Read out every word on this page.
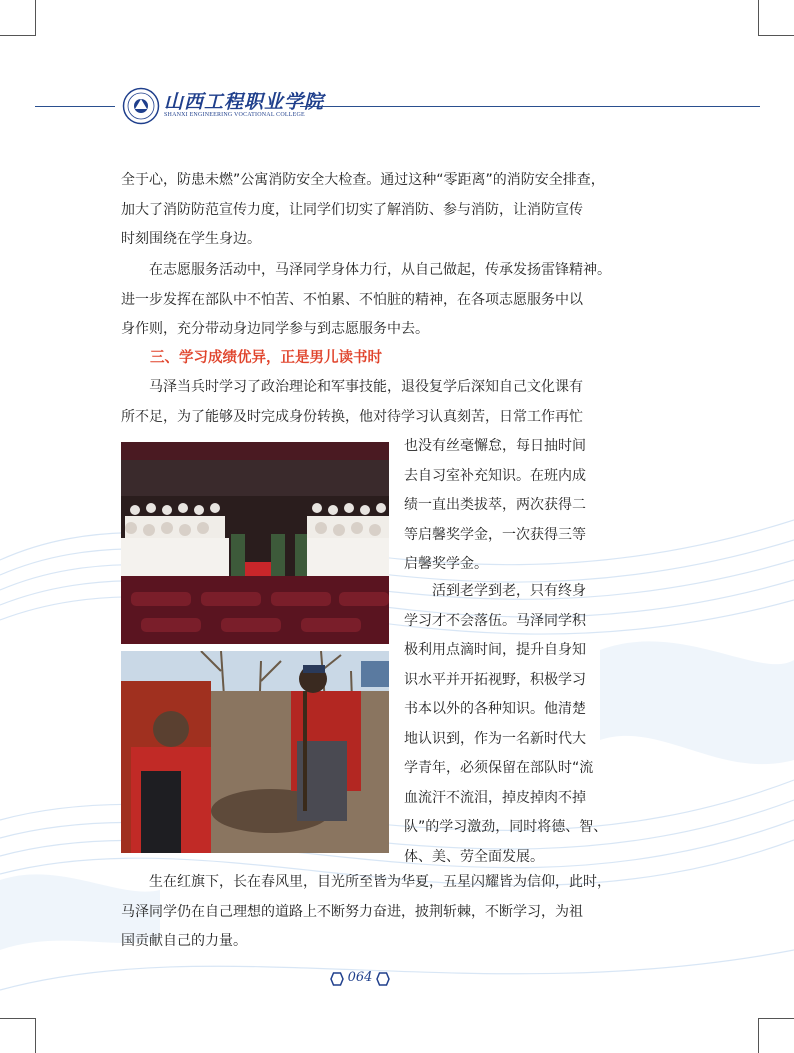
山西工程职业学院
SHANXI ENGINEERING VOCATIONAL COLLEGE
全于心，防患未燃”公寓消防安全大检查。通过这种“零距离”的消防安全排查，
加大了消防防范宣传力度，让同学们切实了解消防、参与消防，让消防宣传
时刻围绕在学生身边。
在志愿服务活动中，马泽同学身体力行，从自己做起，传承发扬雷锋精神。
进一步发挥在部队中不怕苦、不怕累、不怕脏的精神，在各项志愿服务中以
身作则，充分带动身边同学参与到志愿服务中去。
三、学习成绩优异，正是男儿读书时
马泽当兵时学习了政治理论和军事技能，退役复学后深知自己文化课有
所不足，为了能够及时完成身份转换，他对待学习认真刻苦，日常工作再忙
也没有丝毫懈怠，每日抽时间
去自习室补充知识。在班内成
绩一直出类拔萃，两次获得二
等启馨奖学金，一次获得三等
启馨奖学金。
活到老学到老，只有终身
学习才不会落伍。马泽同学积
极利用点滴时间，提升自身知
识水平并开拓视野，积极学习
书本以外的各种知识。他清楚
地认识到，作为一名新时代大
学青年，必须保留在部队时“流
血流汗不流泪，掉皮掉肉不掉
队”的学习激劲，同时将德、智、
体、美、劳全面发展。
生在红旗下，长在春风里，目光所至皆为华夏，五星闪耀皆为信仰，此时，
马泽同学仍在自己理想的道路上不断努力奋进，披荆斩棘，不断学习，为祖
国贡献自己的力量。
064
